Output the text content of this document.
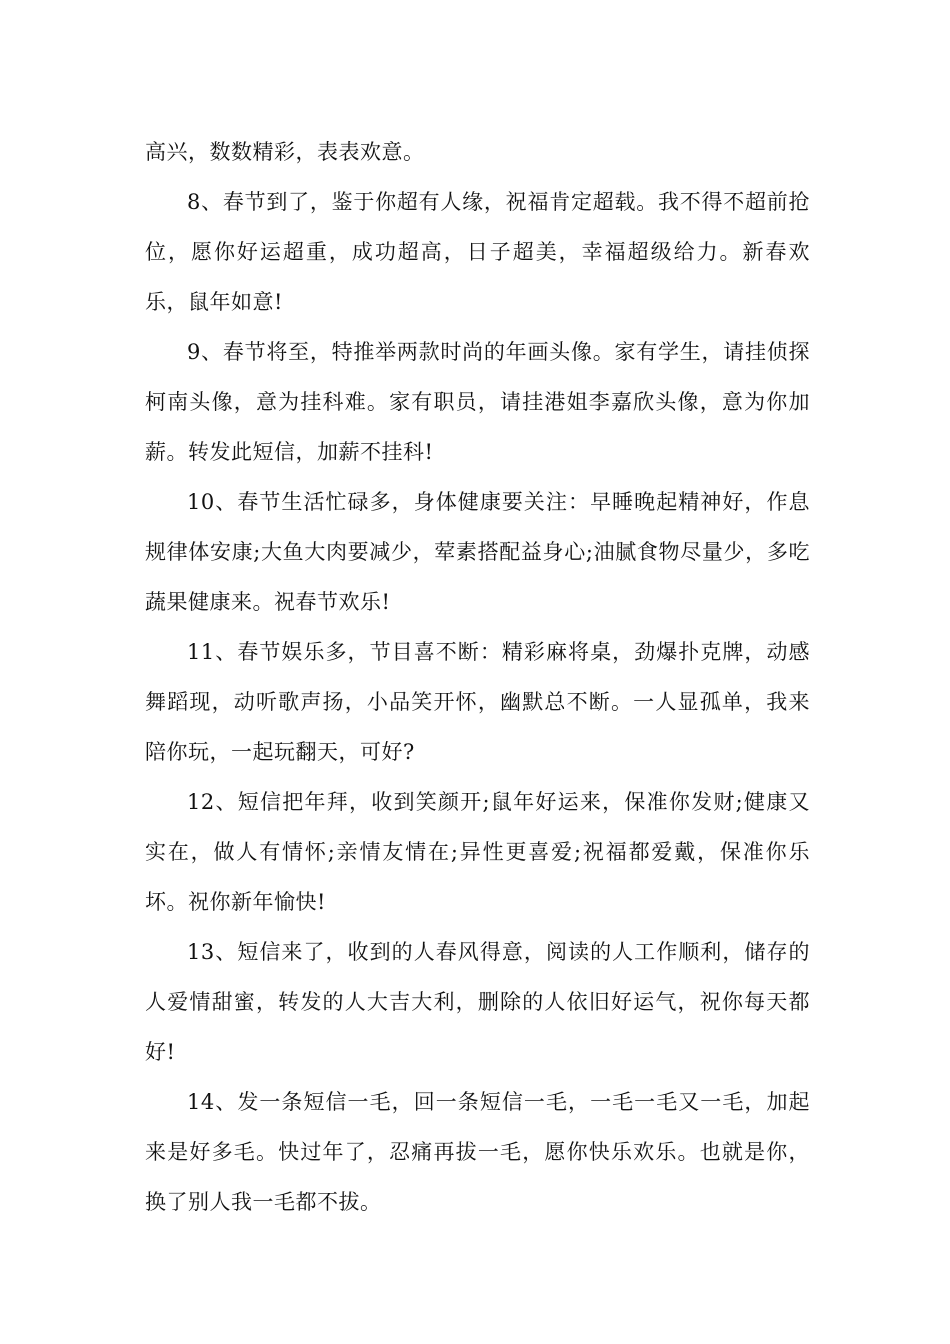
高兴，数数精彩，表表欢意。

8、春节到了，鉴于你超有人缘，祝福肯定超载。我不得不超前抢位，愿你好运超重，成功超高，日子超美，幸福超级给力。新春欢乐，鼠年如意!

9、春节将至，特推举两款时尚的年画头像。家有学生，请挂侦探柯南头像，意为挂科难。家有职员，请挂港姐李嘉欣头像，意为你加薪。转发此短信，加薪不挂科!

10、春节生活忙碌多，身体健康要关注：早睡晚起精神好，作息规律体安康;大鱼大肉要减少，荤素搭配益身心;油腻食物尽量少，多吃蔬果健康来。祝春节欢乐!

11、春节娱乐多，节目喜不断：精彩麻将桌，劲爆扑克牌，动感舞蹈现，动听歌声扬，小品笑开怀，幽默总不断。一人显孤单，我来陪你玩，一起玩翻天，可好?

12、短信把年拜，收到笑颜开;鼠年好运来，保准你发财;健康又实在，做人有情怀;亲情友情在;异性更喜爱;祝福都爱戴，保准你乐坏。祝你新年愉快!

13、短信来了，收到的人春风得意，阅读的人工作顺利，储存的人爱情甜蜜，转发的人大吉大利，删除的人依旧好运气，祝你每天都好!

14、发一条短信一毛，回一条短信一毛，一毛一毛又一毛，加起来是好多毛。快过年了，忍痛再拔一毛，愿你快乐欢乐。也就是你，换了别人我一毛都不拔。
